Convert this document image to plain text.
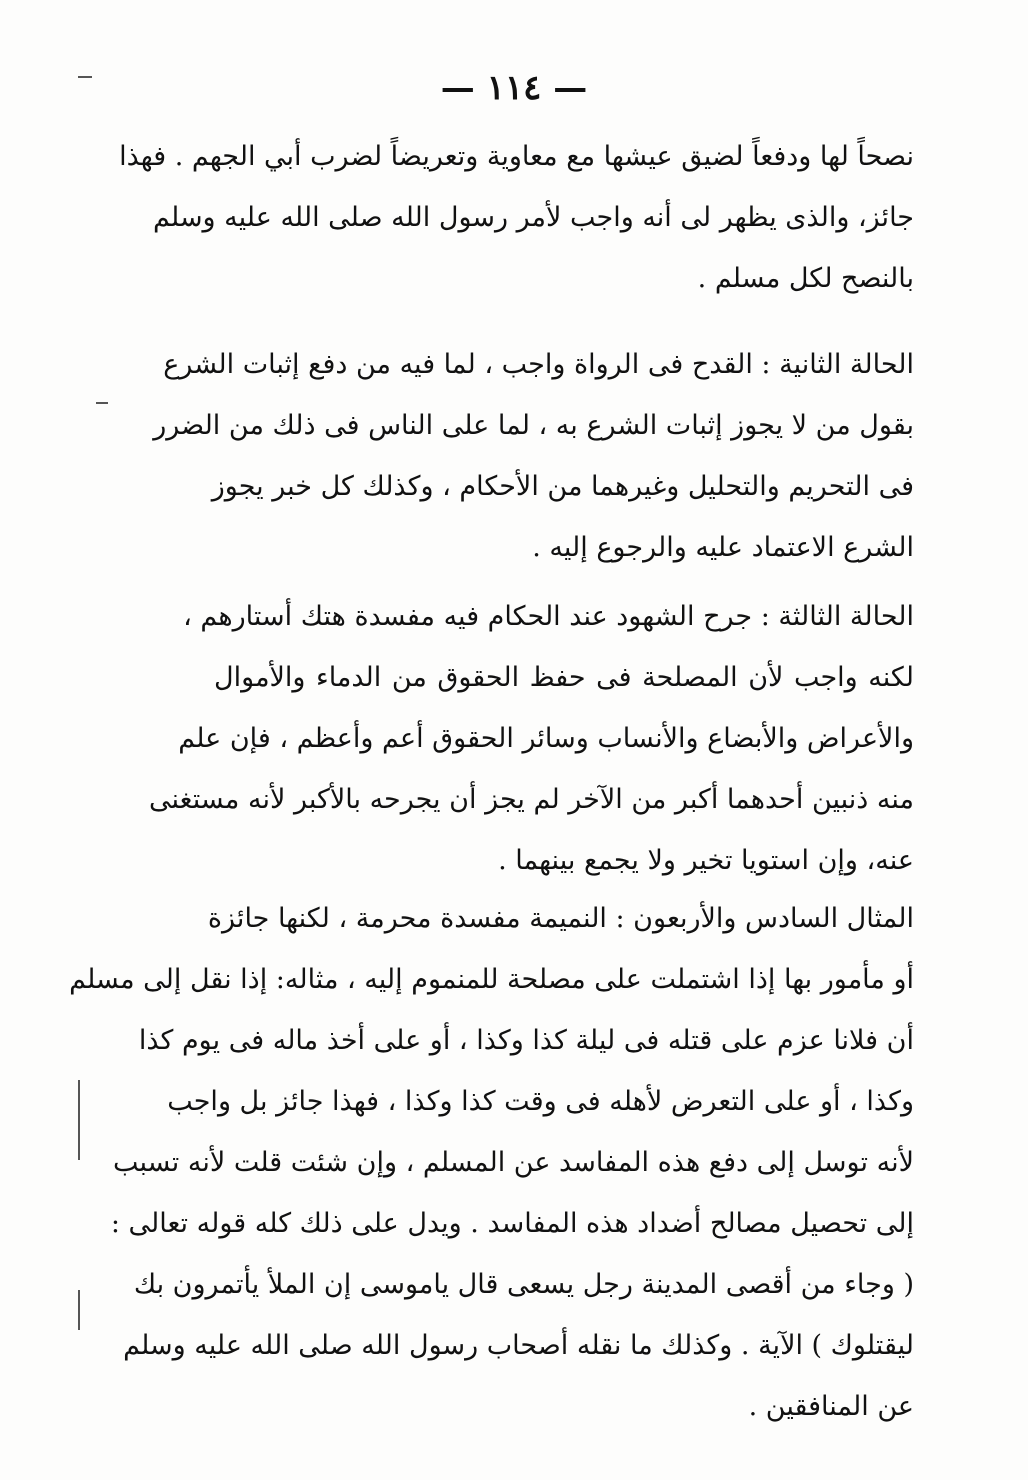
— ١١٤ —
نصحاً لها ودفعاً لضيق عيشها مع معاوية وتعريضاً لضرب أبي الجهم . فهذا
جائز، والذى يظهر لى أنه واجب لأمر رسول الله صلى الله عليه وسلم
بالنصح لكل مسلم .
الحالة الثانية : القدح فى الرواة واجب ، لما فيه من دفع إثبات الشرع
بقول من لا يجوز إثبات الشرع به ، لما على الناس فى ذلك من الضرر
فى التحريم والتحليل وغيرهما من الأحكام ، وكذلك كل خبر يجوز
الشرع الاعتماد عليه والرجوع إليه .
الحالة الثالثة : جرح الشهود عند الحكام فيه مفسدة هتك أستارهم ،
لكنه واجب لأن المصلحة فى حفظ الحقوق من الدماء والأموال
والأعراض والأبضاع والأنساب وسائر الحقوق أعم وأعظم ، فإن علم
منه ذنبين أحدهما أكبر من الآخر لم يجز أن يجرحه بالأكبر لأنه مستغنى
عنه، وإن استويا تخير ولا يجمع بينهما .
المثال السادس والأربعون : النميمة مفسدة محرمة ، لكنها جائزة
أو مأمور بها إذا اشتملت على مصلحة للمنموم إليه ، مثاله: إذا نقل إلى مسلم
أن فلانا عزم على قتله فى ليلة كذا وكذا ، أو على أخذ ماله فى يوم كذا
وكذا ، أو على التعرض لأهله فى وقت كذا وكذا ، فهذا جائز بل واجب
لأنه توسل إلى دفع هذه المفاسد عن المسلم ، وإن شئت قلت لأنه تسبب
إلى تحصيل مصالح أضداد هذه المفاسد . ويدل على ذلك كله قوله تعالى :
( وجاء من أقصى المدينة رجل يسعى قال ياموسى إن الملأ يأتمرون بك
ليقتلوك ) الآية . وكذلك ما نقله أصحاب رسول الله صلى الله عليه وسلم
عن المنافقين .
